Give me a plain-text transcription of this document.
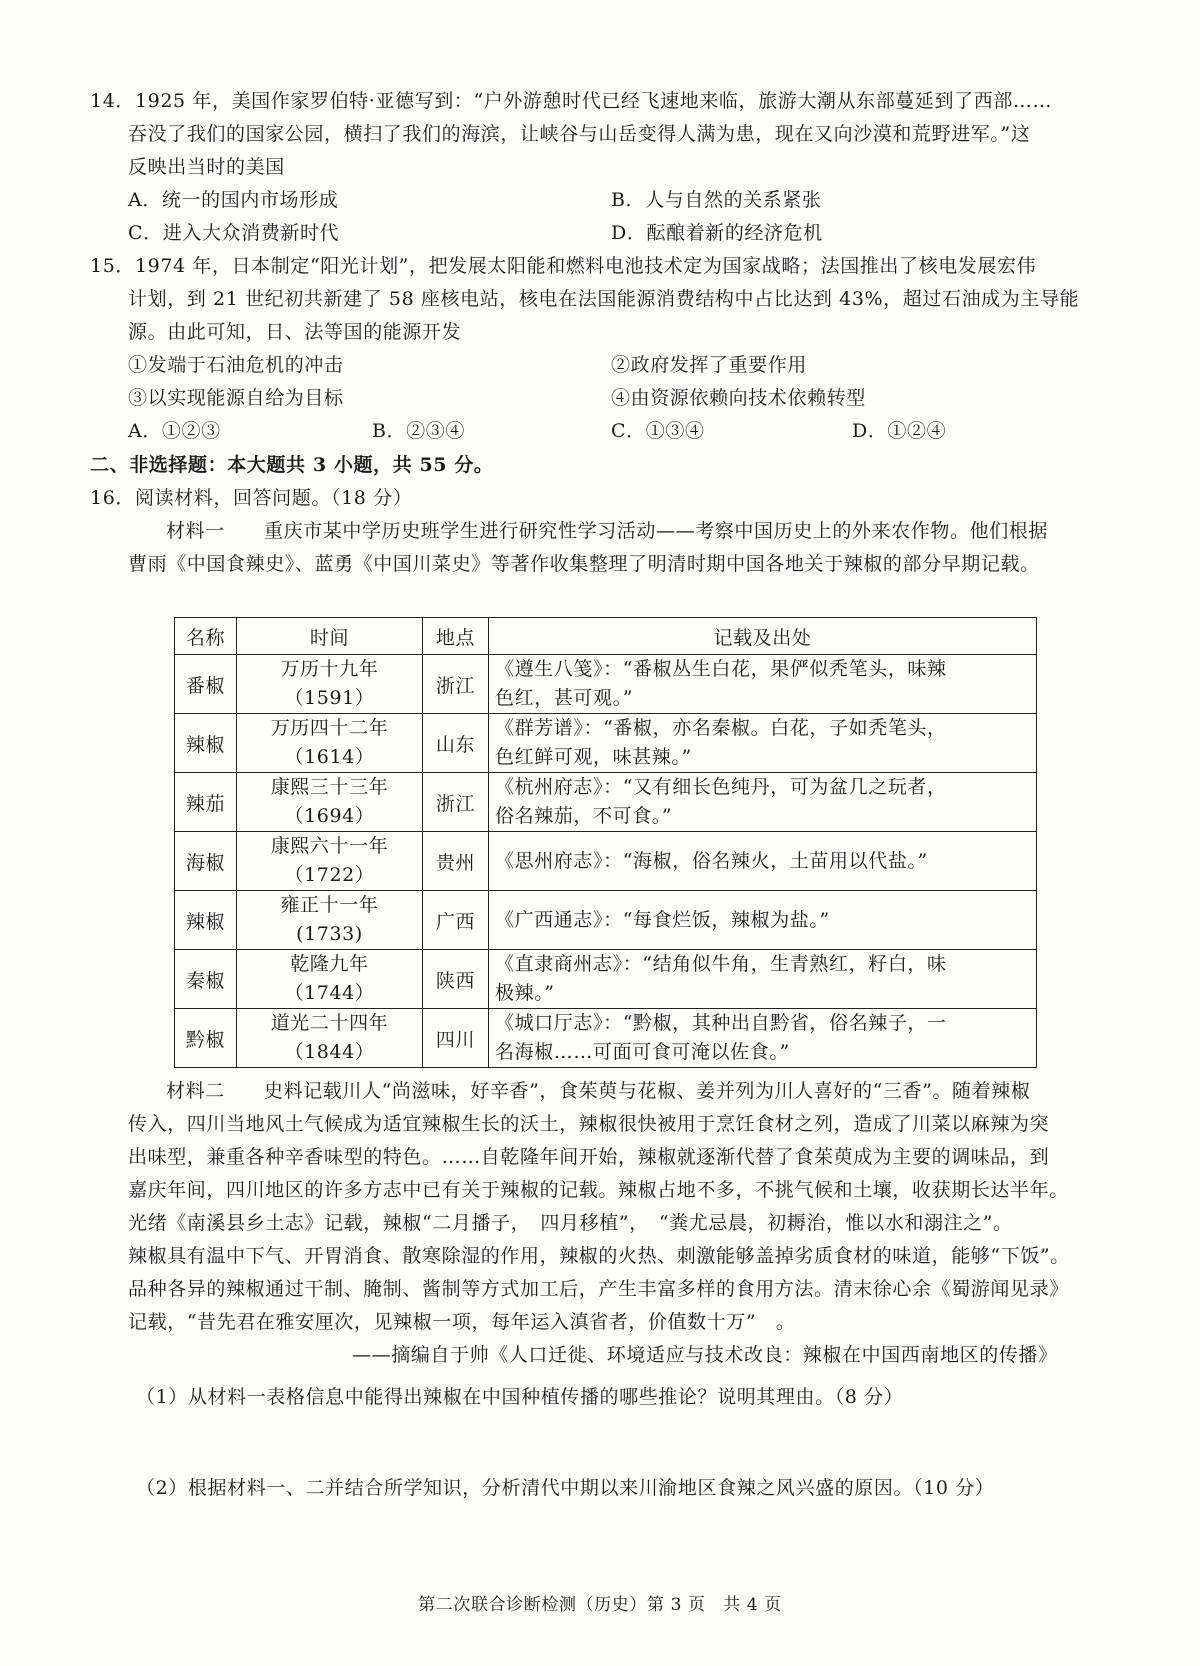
14．1925 年，美国作家罗伯特·亚德写到：“户外游憩时代已经飞速地来临，旅游大潮从东部蔓延到了西部……
吞没了我们的国家公园，横扫了我们的海滨，让峡谷与山岳变得人满为患，现在又向沙漠和荒野进军。”这
反映出当时的美国
A．统一的国内市场形成	B．人与自然的关系紧张
C．进入大众消费新时代	D．酝酿着新的经济危机
15．1974 年，日本制定“阳光计划”，把发展太阳能和燃料电池技术定为国家战略；法国推出了核电发展宏伟
计划，到 21 世纪初共新建了 58 座核电站，核电在法国能源消费结构中占比达到 43%，超过石油成为主导能
源。由此可知，日、法等国的能源开发
①发端于石油危机的冲击	②政府发挥了重要作用
③以实现能源自给为目标	④由资源依赖向技术依赖转型
A．①②③	B．②③④	C．①③④	D．①②④
二、非选择题：本大题共 3 小题，共 55 分。
16．阅读材料，回答问题。（18 分）
材料一　　重庆市某中学历史班学生进行研究性学习活动——考察中国历史上的外来农作物。他们根据
曹雨《中国食辣史》、蓝勇《中国川菜史》等著作收集整理了明清时期中国各地关于辣椒的部分早期记载。
名称	时间	地点	记载及出处
番椒	万历十九年
（1591）	浙江	《遵生八笺》：“番椒丛生白花，果俨似秃笔头，味辣
色红，甚可观。”

辣椒	万历四十二年
（1614）	山东	《群芳谱》：“番椒，亦名秦椒。白花，子如秃笔头，
色红鲜可观，味甚辣。”

辣茄	康熙三十三年
（1694）	浙江	《杭州府志》：“又有细长色纯丹，可为盆几之玩者，
俗名辣茄，不可食。”

海椒	康熙六十一年
（1722）	贵州	《思州府志》：“海椒，俗名辣火，土苗用以代盐。”

辣椒	雍正十一年
(1733)	广西	《广西通志》：“每食烂饭，辣椒为盐。”

秦椒	乾隆九年
（1744）	陕西	《直隶商州志》：“结角似牛角，生青熟红，籽白，味
极辣。”

黔椒	道光二十四年
（1844）	四川	《城口厅志》：“黔椒，其种出自黔省，俗名辣子，一
名海椒……可面可食可淹以佐食。”
材料二　　史料记载川人“尚滋味，好辛香”，食茱萸与花椒、姜并列为川人喜好的“三香”。随着辣椒
传入，四川当地风土气候成为适宜辣椒生长的沃土，辣椒很快被用于烹饪食材之列，造成了川菜以麻辣为突
出味型，兼重各种辛香味型的特色。……自乾隆年间开始，辣椒就逐渐代替了食茱萸成为主要的调味品，到
嘉庆年间，四川地区的许多方志中已有关于辣椒的记载。辣椒占地不多，不挑气候和土壤，收获期长达半年。
光绪《南溪县乡土志》记载，辣椒“二月播子，　四月移植”，　“粪尤忌晨，初耨治，惟以水和溺注之”。
辣椒具有温中下气、开胃消食、散寒除湿的作用，辣椒的火热、刺激能够盖掉劣质食材的味道，能够“下饭”。
品种各异的辣椒通过干制、腌制、酱制等方式加工后，产生丰富多样的食用方法。清末徐心余《蜀游闻见录》
记载，“昔先君在雅安厘次，见辣椒一项，每年运入滇省者，价值数十万”　。
——摘编自于帅《人口迁徙、环境适应与技术改良：辣椒在中国西南地区的传播》
（1）从材料一表格信息中能得出辣椒在中国种植传播的哪些推论？说明其理由。（8 分）
（2）根据材料一、二并结合所学知识，分析清代中期以来川渝地区食辣之风兴盛的原因。（10 分）
第二次联合诊断检测（历史）第 3 页　共 4 页
